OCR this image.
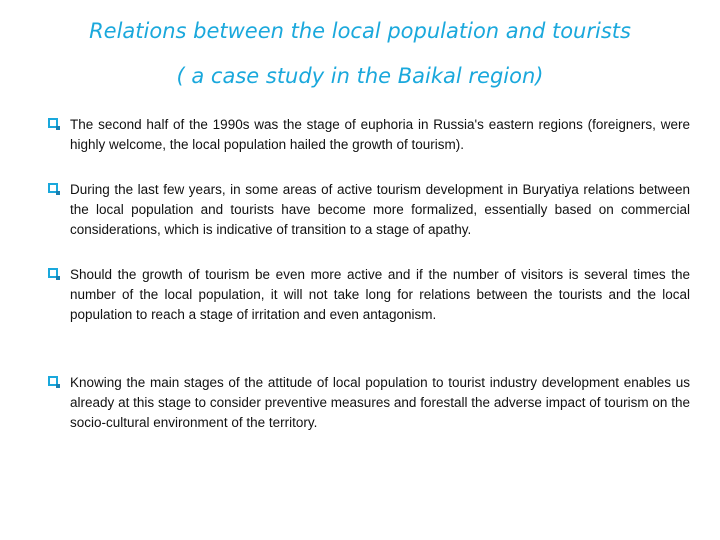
Relations between the local population and tourists
( a case study in the Baikal region)
The second half of the 1990s was the stage of euphoria in Russia's eastern regions (foreigners, were highly welcome, the local population hailed the growth of tourism).
During the last few years, in some areas of active tourism development in Buryatiya relations between the local population and tourists have become more formalized, essentially based on commercial considerations, which is indicative of transition to a stage of apathy.
Should the growth of tourism be even more active and if the number of visitors is several times the number of the local population, it will not take long for relations between the tourists and the local population to reach a stage of irritation and even antagonism.
Knowing the main stages of the attitude of local population to tourist industry development enables us already at this stage to consider preventive measures and forestall the adverse impact of tourism on the socio-cultural environment of the territory.
